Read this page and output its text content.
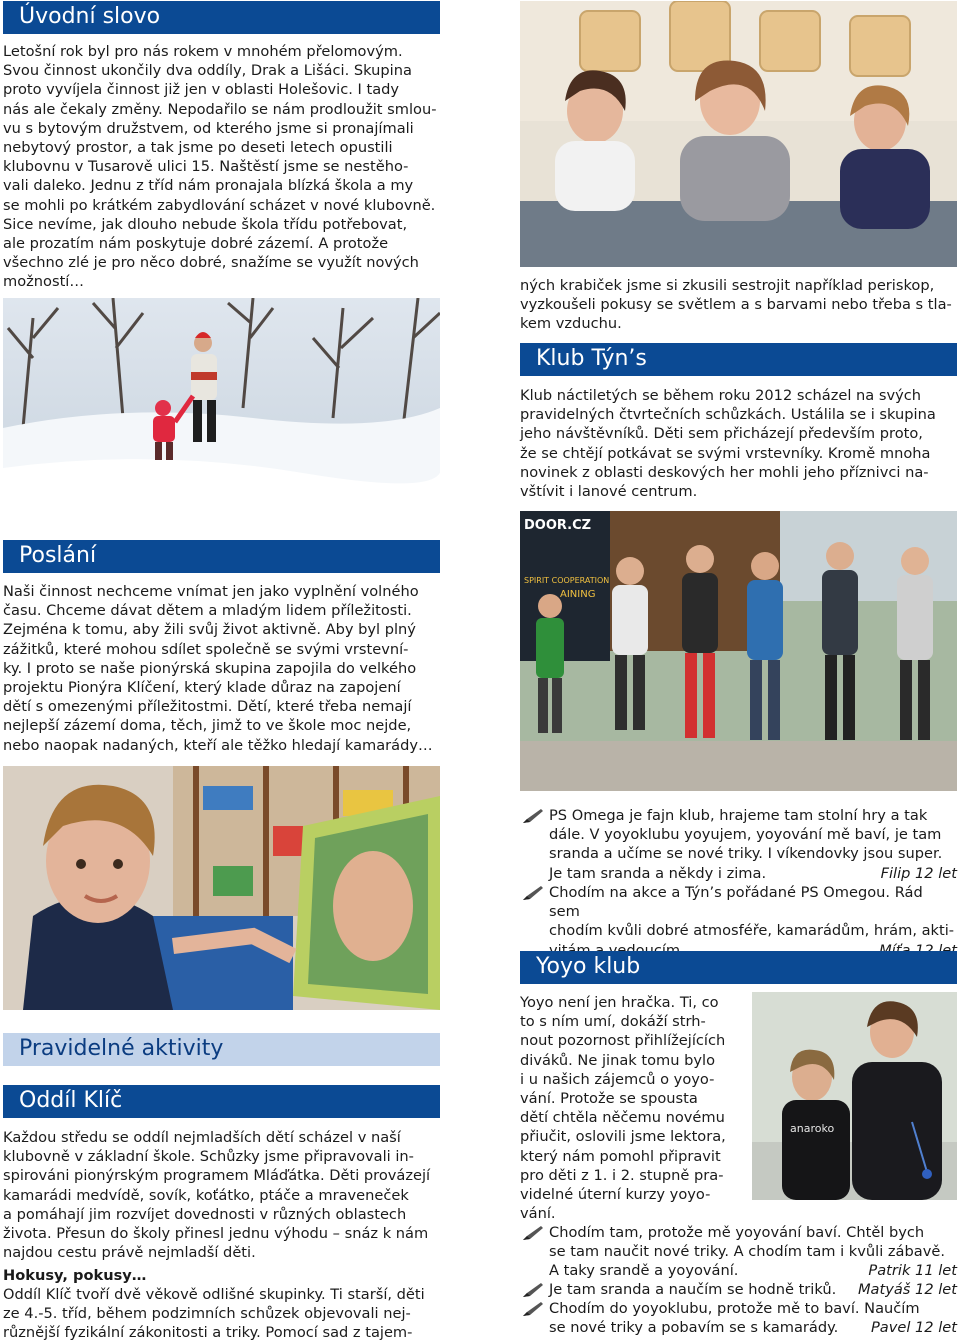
Úvodní slovo

Letošní rok byl pro nás rokem v mnohém přelomovým.
Svou činnost ukončily dva oddíly, Drak a Lišáci. Skupina
proto vyvíjela činnost již jen v oblasti Holešovic. I tady
nás ale čekaly změny. Nepodařilo se nám prodloužit smlou-
vu s bytovým družstvem, od kterého jsme si pronajímali
nebytový prostor, a tak jsme po deseti letech opustili
klubovnu v Tusarově ulici 15. Naštěstí jsme se nestěho-
vali daleko. Jednu z tříd nám pronajala blízká škola a my
se mohli po krátkém zabydlování scházet v nové klubovně.
Sice nevíme, jak dlouho nebude škola třídu potřebovat,
ale prozatím nám poskytuje dobré zázemí. A protože
všechno zlé je pro něco dobré, snažíme se využít nových
možností…

Poslání

Naši činnost nechceme vnímat jen jako vyplnění volného
času. Chceme dávat dětem a mladým lidem příležitosti.
Zejména k tomu, aby žili svůj život aktivně. Aby byl plný
zážitků, které mohou sdílet společně se svými vrstevní-
ky. I proto se naše pionýrská skupina zapojila do velkého
projektu Pionýra Klíčení, který klade důraz na zapojení
dětí s omezenými příležitostmi. Dětí, které třeba nemají
nejlepší zázemí doma, těch, jimž to ve škole moc nejde,
nebo naopak nadaných, kteří ale těžko hledají kamarády…

Pravidelné aktivity
Oddíl Klíč

Každou středu se oddíl nejmladších dětí scházel v naší
klubovně v základní škole. Schůzky jsme připravovali in-
spirováni pionýrským programem Mláďátka. Děti provázejí
kamarádi medvídě, sovík, koťátko, ptáče a mraveneček
a pomáhají jim rozvíjet dovednosti v různých oblastech
života. Přesun do školy přinesl jednu výhodu – snáz k nám
najdou cestu právě nejmladší děti.

Hokusy, pokusy…

Oddíl Klíč tvoří dvě věkově odlišné skupinky. Ti starší, děti
ze 4.-5. tříd, během podzimních schůzek objevovali nej-
různější fyzikální zákonitosti a triky. Pomocí sad z tajem-

ných krabiček jsme si zkusili sestrojit například periskop,
vyzkoušeli pokusy se světlem a s barvami nebo třeba s tla-
kem vzduchu.

Klub Týn’s

Klub náctiletých se během roku 2012 scházel na svých
pravidelných čtvrtečních schůzkách. Ustálila se i skupina
jeho návštěvníků. Děti sem přicházejí především proto,
že se chtějí potkávat se svými vrstevníky. Kromě mnoha
novinek z oblasti deskových her mohli jeho příznivci na-
vštívit i lanové centrum.

DOOR.CZ
SPIRIT COOPERATION
AINING
PS Omega je fajn klub, hrajeme tam stolní hry a tak
dále. V yoyoklubu yoyujem, yoyování mě baví, je tam
sranda a učíme se nové triky. I víkendovky jsou super.
Je tam sranda a někdy i zima.	Filip 12 let
Chodím na akce a Týn’s pořádané PS Omegou. Rád sem
chodím kvůli dobré atmosféře, kamarádům, hrám, akti-

Yoyo klub

Yoyo není jen hračka. Ti, co
to s ním umí, dokáží strh-
nout pozornost přihlížejících
diváků. Ne jinak tomu bylo
i u našich zájemců o yoyo-
vání. Protože se spousta
dětí chtěla něčemu novému
přiučit, oslovili jsme lektora,
který nám pomohl připravit
pro děti z 1. i 2. stupně pra-
videlné úterní kurzy yoyo-
vání.

anaroko
Chodím tam, protože mě yoyování baví. Chtěl bych
se tam naučit nové triky. A chodím tam i kvůli zábavě.
A taky srandě a yoyování.	Patrik 11 let
Je tam sranda a naučím se hodně triků. Matyáš 12 let
Chodím do yoyoklubu, protože mě to baví. Naučím
se nové triky a pobavím se s kamarády. Pavel 12 let
